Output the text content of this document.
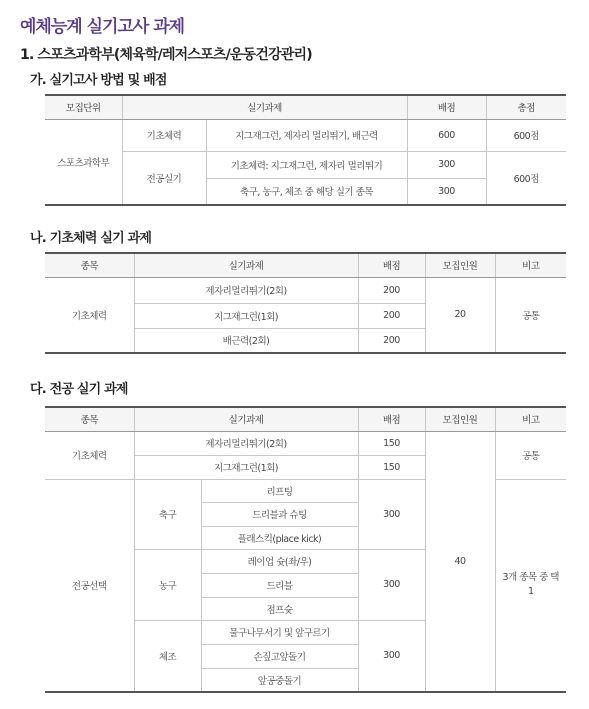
예체능계 실기고사 과제
1. 스포츠과학부(체육학/레저스포츠/운동건강관리)
가. 실기고사 방법 및 배점
모집단위	실기과제		배점	총점
스포츠과학부	기초체력	지그재그런, 제자리 멀리뛰기, 배근력	600	600점
	전공실기	기초체력: 지그재그런, 제자리 멀리뛰기	300	600점
		축구, 농구, 체조 중 해당 실기 종목	300	
나. 기초체력 실기 과제
종목	실기과제	배점	모집인원	비고
기초체력	제자리멀리뛰기(2회)	200	20	공통
	지그재그런(1회)	200		
	배근력(2회)	200		
다. 전공 실기 과제
종목	실기과제		배점	모집인원	비고
기초체력	제자리멀리뛰기(2회)		150	40	공통
	지그재그런(1회)		150		
전공선택	축구	리프팅	300		3개 종목 중 택1

		드리블과 슈팅			
		플래스킥(place kick)			
	농구	레이업 슛(좌/우)	300		
		드리블			
		점프슛			
	체조	물구나무서기 및 앞구르기	300		
		손짚고앞돌기			
		앞공중돌기			
